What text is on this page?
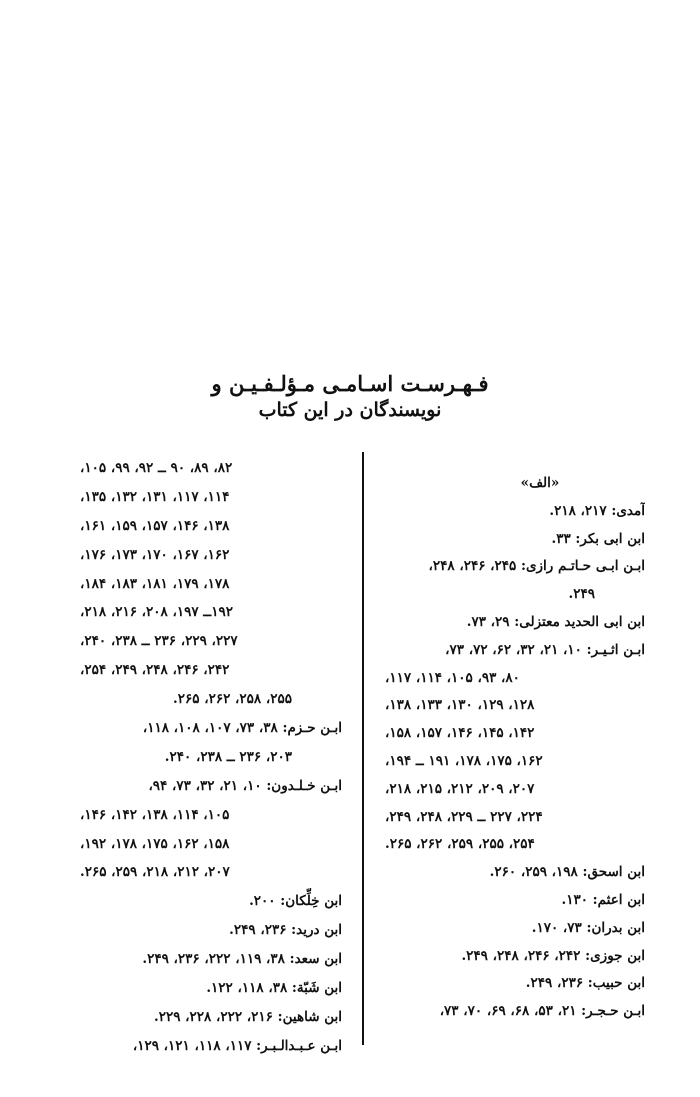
فـهـرسـت اسـامـی مـؤلـفـیـن و
نویسندگان در این کتاب
«الف»
آمدی: ۲۱۷، ۲۱۸.
ابن ابی بکر: ۳۳.
ابـن ابـی حـاتـم رازی: ۲۴۵، ۲۴۶، ۲۴۸،
۲۴۹.
ابن ابی الحدید معتزلی: ۲۹، ۷۳.
ابـن اثـیـر: ۱۰، ۲۱، ۳۲، ۶۲، ۷۲، ۷۳،
۸۰، ۹۳، ۱۰۵، ۱۱۴، ۱۱۷،
۱۲۸، ۱۲۹، ۱۳۰، ۱۳۳، ۱۳۸،
۱۴۲، ۱۴۵، ۱۴۶، ۱۵۷، ۱۵۸،
۱۶۲، ۱۷۵، ۱۷۸، ۱۹۱ ــ ۱۹۴،
۲۰۷، ۲۰۹، ۲۱۲، ۲۱۵، ۲۱۸،
۲۲۴، ۲۲۷ ــ ۲۲۹، ۲۴۸، ۲۴۹،
۲۵۴، ۲۵۵، ۲۵۹، ۲۶۲، ۲۶۵.
ابن اسحق: ۱۹۸، ۲۵۹، ۲۶۰.
ابن اعثم: ۱۳۰.
ابن بدران: ۷۳، ۱۷۰.
ابن جوزی: ۲۴۲، ۲۴۶، ۲۴۸، ۲۴۹.
ابن حبیب: ۲۳۶، ۲۴۹.
ابـن حـجـر: ۲۱، ۵۳، ۶۸، ۶۹، ۷۰، ۷۳،
۸۲، ۸۹، ۹۰ ــ ۹۲، ۹۹، ۱۰۵،
۱۱۴، ۱۱۷، ۱۳۱، ۱۳۲، ۱۳۵،
۱۳۸، ۱۴۶، ۱۵۷، ۱۵۹، ۱۶۱،
۱۶۲، ۱۶۷، ۱۷۰، ۱۷۳، ۱۷۶،
۱۷۸، ۱۷۹، ۱۸۱، ۱۸۳، ۱۸۴،
۱۹۲ــ ۱۹۷، ۲۰۸، ۲۱۶، ۲۱۸،
۲۲۷، ۲۲۹، ۲۳۶ ــ ۲۳۸، ۲۴۰،
۲۴۲، ۲۴۶، ۲۴۸، ۲۴۹، ۲۵۴،
۲۵۵، ۲۵۸، ۲۶۲، ۲۶۵.
ابـن حـزم: ۳۸، ۷۳، ۱۰۷، ۱۰۸، ۱۱۸،
۲۰۳، ۲۳۶ ــ ۲۳۸، ۲۴۰.
ابـن خـلـدون: ۱۰، ۲۱، ۳۲، ۷۳، ۹۴،
۱۰۵، ۱۱۴، ۱۳۸، ۱۴۲، ۱۴۶،
۱۵۸، ۱۶۲، ۱۷۵، ۱۷۸، ۱۹۲،
۲۰۷، ۲۱۲، ۲۱۸، ۲۵۹، ۲۶۵.
ابن خِلِّکان: ۲۰۰.
ابن درید: ۲۳۶، ۲۴۹.
ابن سعد: ۳۸، ۱۱۹، ۲۲۲، ۲۳۶، ۲۴۹.
ابن شَبّة: ۳۸، ۱۱۸، ۱۲۲.
ابن شاهین: ۲۱۶، ۲۲۲، ۲۲۸، ۲۲۹.
ابـن عـبـدالـبـر: ۱۱۷، ۱۱۸، ۱۲۱، ۱۲۹،
